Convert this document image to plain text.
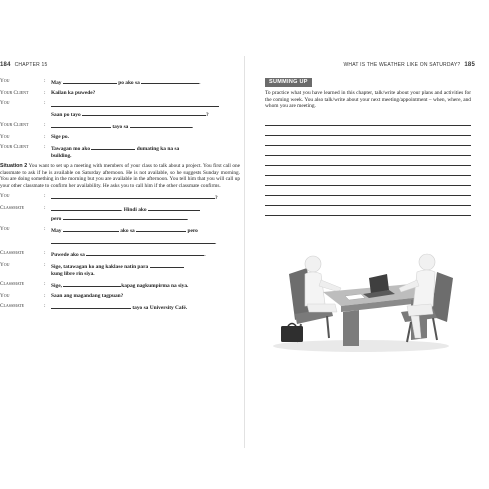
184 CHAPTER 15
You	:	May	po ako sa	.
Your Client	:	Kailan ka puwede?
You	:
Saan po tayo	?
Your Client	:	tayo sa	.
You	:	Sige po.
Your Client	:	Tawagan mo ako	dumating ka na sa
building.
Situation 2 You want to set up a meeting with members of your class to talk about a project. You first call one classmate to ask if he is available on Saturday afternoon. He is not available, so he suggests Sunday morning. You are doing something in the morning but you are available in the afternoon. You tell him that you will call up your other classmate to confirm her availability. He asks you to call him if the other classmate confirms.
You	:	?
Classmate	:	. Hindi ako
pero	.
You	:	May	ako sa	pero
.
Classmate	:	Puwede ako sa	.
You	:	Sige, tatawagan ko ang kaklase natin para
kung libre rin siya.
Classmate	:	Sige,	kapag nagkumpirma na siya.
You	:	Saan ang magandang tagpuan?
Classmate	:	tayo sa University Café.
WHAT IS THE WEATHER LIKE ON SATURDAY? 185
SUMMING UP
To practice what you have learned in this chapter, talk/write about your plans and activities for the coming week. You also talk/write about your next meeting/appointment – when, where, and whom you are meeting.
